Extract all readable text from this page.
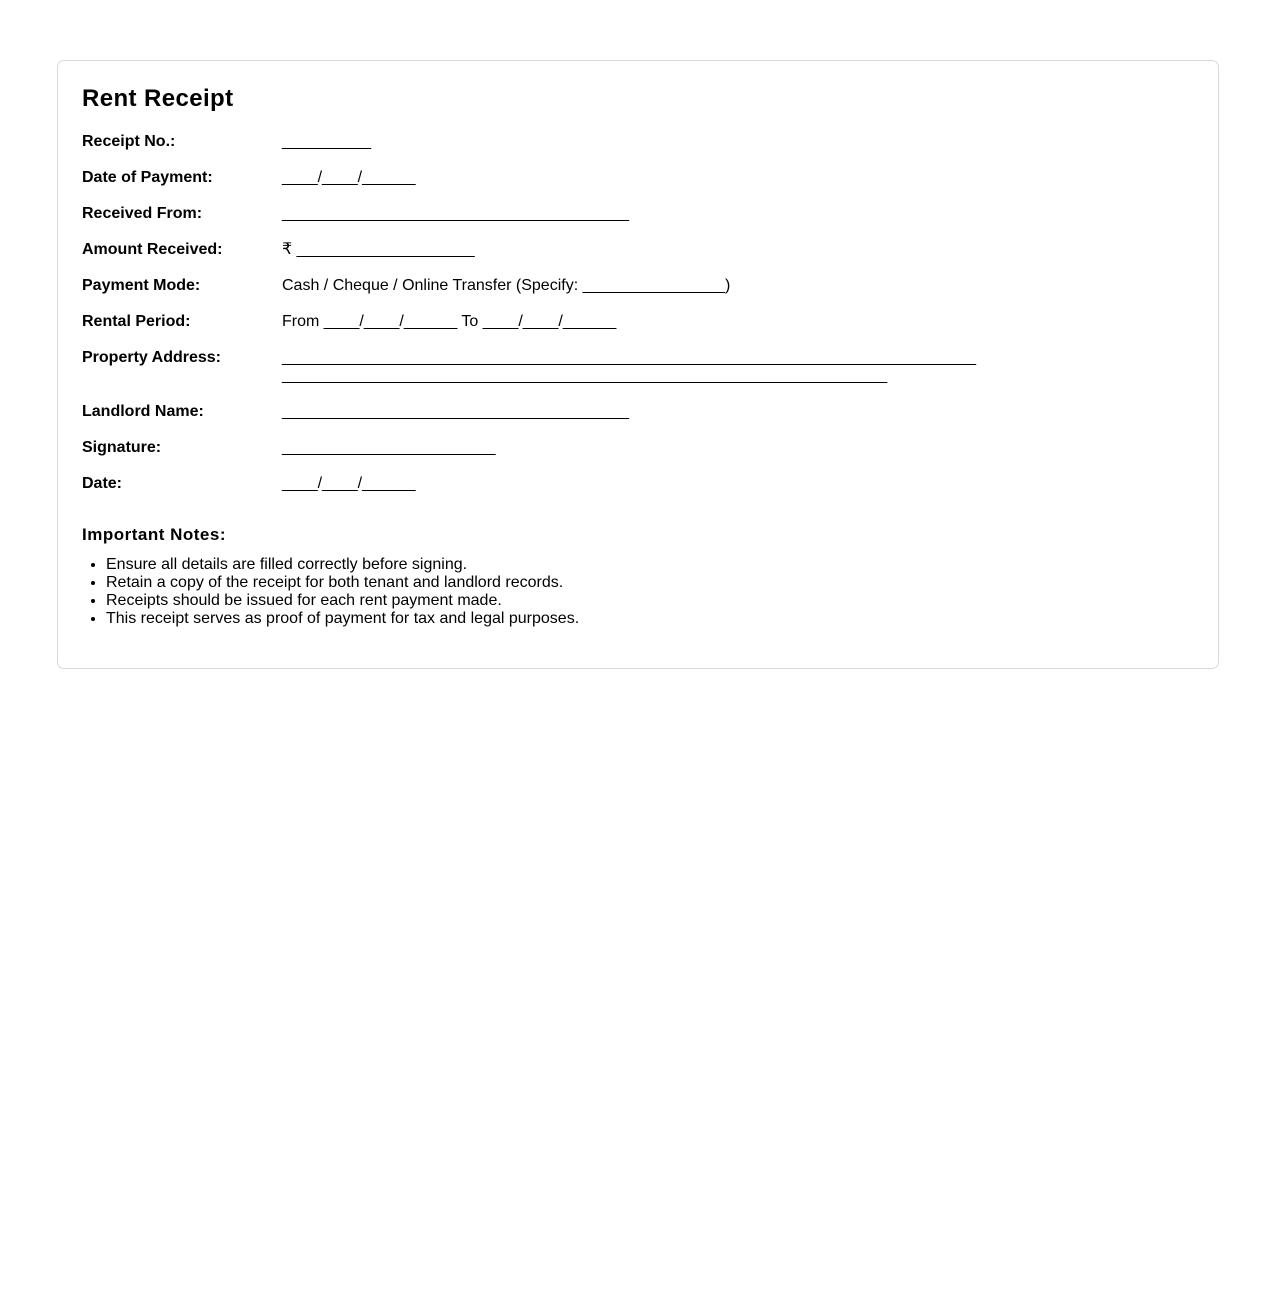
Rent Receipt
Receipt No.:	__________
Date of Payment:	____/____/______
Received From:	_______________________________________
Amount Received:	₹ ____________________
Payment Mode:	Cash / Cheque / Online Transfer (Specify: ________________)
Rental Period:	From ____/____/______ To ____/____/______
Property Address:	______________________________________________________________________________
____________________________________________________________________
Landlord Name:	_______________________________________
Signature:	________________________
Date:	____/____/______
Important Notes:
• Ensure all details are filled correctly before signing.
• Retain a copy of the receipt for both tenant and landlord records.
• Receipts should be issued for each rent payment made.
• This receipt serves as proof of payment for tax and legal purposes.
